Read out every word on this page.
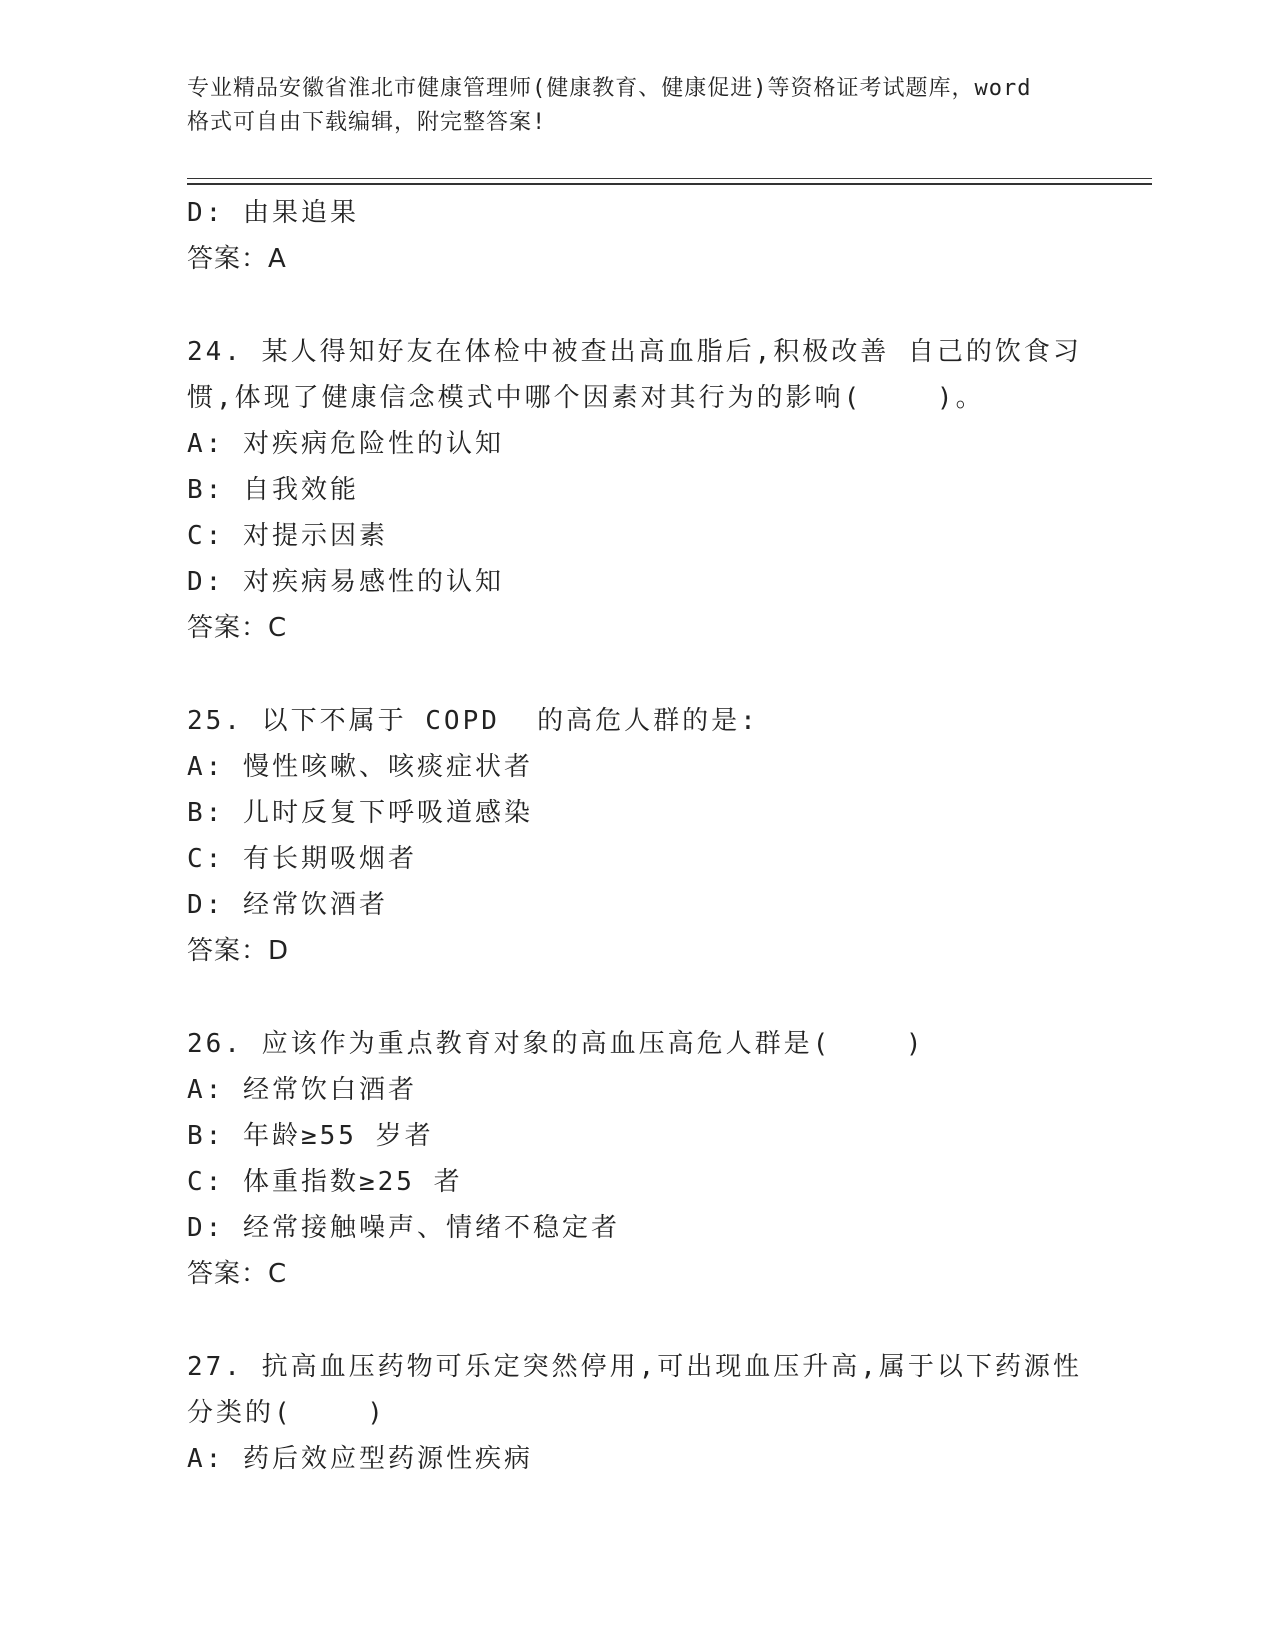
专业精品安徽省淮北市健康管理师(健康教育、健康促进)等资格证考试题库，word
格式可自由下载编辑，附完整答案!
D: 由果追果
答案：A
24. 某人得知好友在体检中被查出高血脂后,积极改善 自己的饮食习
惯,体现了健康信念模式中哪个因素对其行为的影响(    )。
A: 对疾病危险性的认知
B: 自我效能
C: 对提示因素
D: 对疾病易感性的认知
答案：C
25. 以下不属于 COPD  的高危人群的是:
A: 慢性咳嗽、咳痰症状者
B: 儿时反复下呼吸道感染
C: 有长期吸烟者
D: 经常饮酒者
答案：D
26. 应该作为重点教育对象的高血压高危人群是(    )
A: 经常饮白酒者
B: 年龄≥55 岁者
C: 体重指数≥25 者
D: 经常接触噪声、情绪不稳定者
答案：C
27. 抗高血压药物可乐定突然停用,可出现血压升高,属于以下药源性
分类的(    )
A: 药后效应型药源性疾病
